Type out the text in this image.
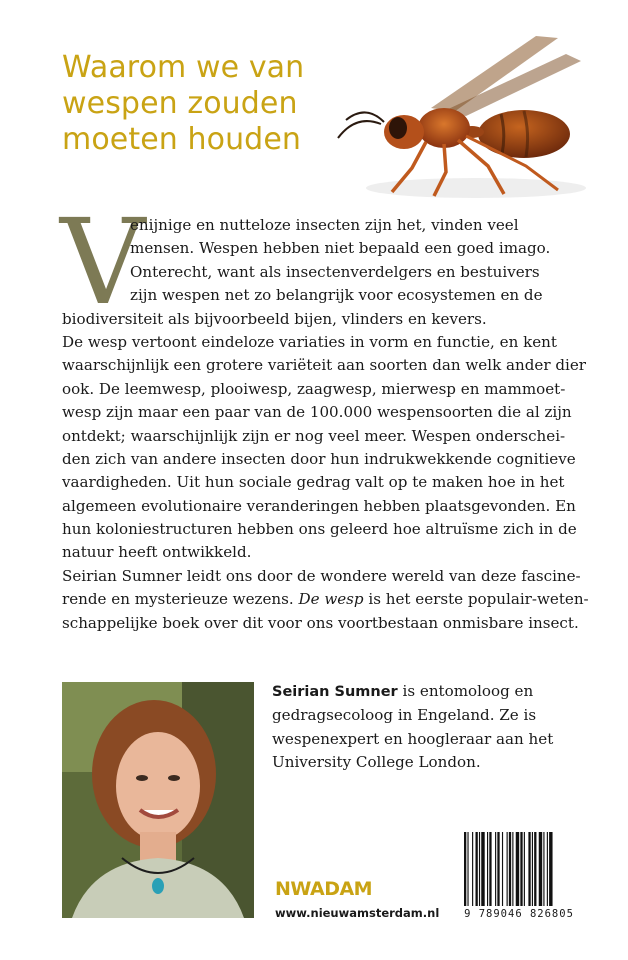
Waarom we van
wespen zouden
moeten houden
V
enijnige en nutteloze insecten zijn het, vinden veel
mensen. Wespen hebben niet bepaald een goed imago.
Onterecht, want als insectenverdelgers en bestuivers
zijn wespen net zo belangrijk voor ecosystemen en de
biodiversiteit als bijvoorbeeld bijen, vlinders en kevers.
De wesp vertoont eindeloze variaties in vorm en functie, en kent
waarschijnlijk een grotere variëteit aan soorten dan welk ander dier
ook. De leemwesp, plooiwesp, zaagwesp, mierwesp en mammoet-
wesp zijn maar een paar van de 100.000 wespensoorten die al zijn
ontdekt; waarschijnlijk zijn er nog veel meer. Wespen onderschei-
den zich van andere insecten door hun indrukwekkende cognitieve
vaardigheden. Uit hun sociale gedrag valt op te maken hoe in het
algemeen evolutionaire veranderingen hebben plaatsgevonden. En
hun koloniestructuren hebben ons geleerd hoe altruïsme zich in de
natuur heeft ontwikkeld.
Seirian Sumner leidt ons door de wondere wereld van deze fascine-
rende en mysterieuze wezens. De wesp is het eerste populair-weten-
schappelijke boek over dit voor ons voortbestaan onmisbare insect.
Seirian Sumner is entomoloog en
gedragsecoloog in Engeland. Ze is
wespenexpert en hoogleraar aan het
University College London.
NWADAM
www.nieuwamsterdam.nl	9 789046 826805
